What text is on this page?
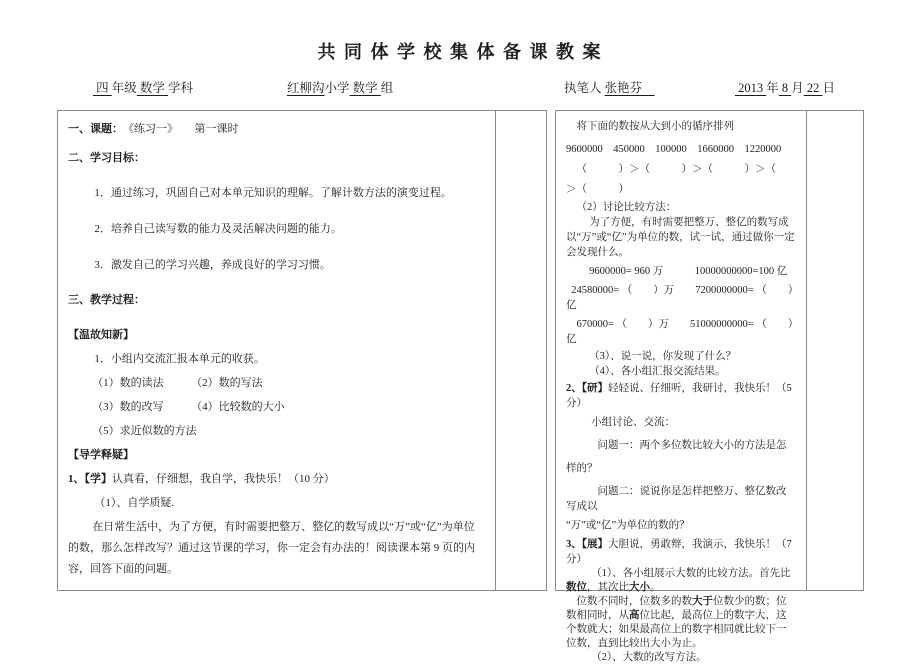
共 同 体 学 校 集 体 备 课 教 案
四 年级 数学 学科	红柳沟小学 数学 组	执笔人 张艳芬　	2013 年 8 月 22 日

一、课题：　《练习一》　　第一课时

二、学习目标：

1．通过练习，巩固自己对本单元知识的理解。了解计数方法的演变过程。

2．培养自己读写数的能力及灵活解决问题的能力。

3．激发自己的学习兴趣，养成良好的学习习惯。

三、教学过程：

【温故知新】

1．小组内交流汇报本单元的收获。

（1）数的读法　　　（2）数的写法

（3）数的改写　　　（4）比较数的大小

（5）求近似数的方法

【导学释疑】

1、【学】认真看，仔细想，我自学，我快乐！（10 分）

（1）、自学质疑.

在日常生活中，为了方便，有时需要把整万、整亿的数写成以“万”或“亿”为单位的数，那么怎样改写？通过这节课的学习，你一定会有办法的！阅读课本第 9 页的内容，回答下面的问题。

将下面的数按从大到小的循序排列

9600000　450000　100000　1660000　1220000

（　　　）＞（　　　）＞（　　　）＞（

＞（　　　）

（2）讨论比较方法：

为了方便，有时需要把整万、整亿的数写成以“万”或“亿”为单位的数，试一试，通过做你一定会发现什么。

9600000= 960 万　　　10000000000=100 亿

24580000= （　　）万　　7200000000= （　　）亿

670000= （　　）万　　51000000000= （　　）亿

（3）、说一说，你发现了什么？

（4）、各小组汇报交流结果。

2、【研】轻轻说、仔细听，我研讨，我快乐！（5 分）

小组讨论、交流：

问题一：两个多位数比较大小的方法是怎

样的？

问题二：说说你是怎样把整万、整亿数改写成以

“万”或“亿”为单位的数的？

3、【展】大胆说，勇敢辩，我演示，我快乐！（7 分）

（1）、各小组展示大数的比较方法。首先比数位，其次比大小。

位数不同时，位数多的数大于位数少的数；位数相同时，从高位比起，最高位上的数字大，这个数就大；如果最高位上的数字相同就比较下一位数，直到比较出大小为止。

（2）、大数的改写方法。
